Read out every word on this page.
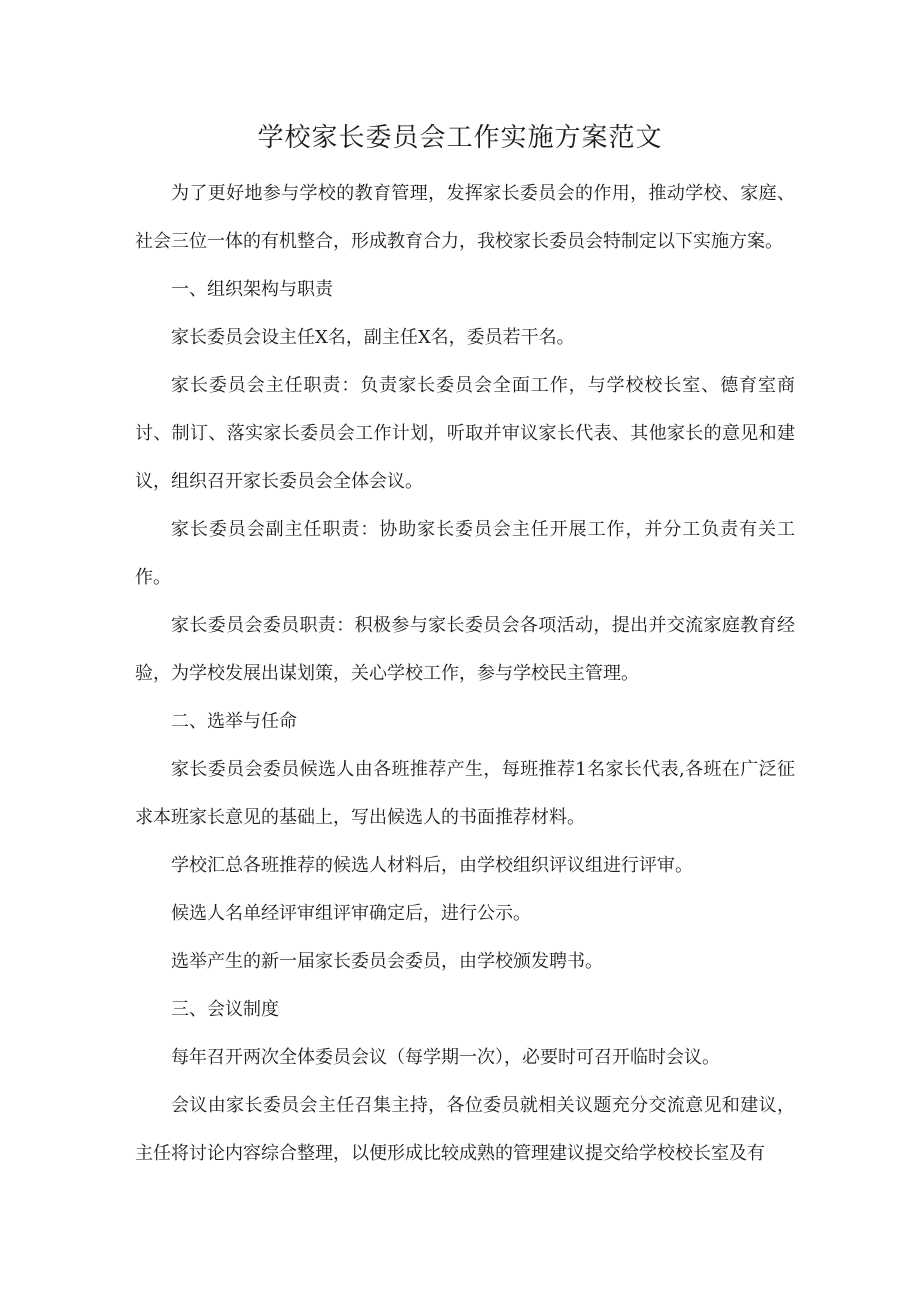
学校家长委员会工作实施方案范文

为了更好地参与学校的教育管理，发挥家长委员会的作用，推动学校、家庭、社会三位一体的有机整合，形成教育合力，我校家长委员会特制定以下实施方案。

一、组织架构与职责

家长委员会设主任X名，副主任X名，委员若干名。

家长委员会主任职责：负责家长委员会全面工作，与学校校长室、德育室商讨、制订、落实家长委员会工作计划，听取并审议家长代表、其他家长的意见和建议，组织召开家长委员会全体会议。

家长委员会副主任职责：协助家长委员会主任开展工作，并分工负责有关工作。

家长委员会委员职责：积极参与家长委员会各项活动，提出并交流家庭教育经验，为学校发展出谋划策，关心学校工作，参与学校民主管理。

二、选举与任命

家长委员会委员候选人由各班推荐产生，每班推荐1名家长代表,各班在广泛征求本班家长意见的基础上，写出候选人的书面推荐材料。

学校汇总各班推荐的候选人材料后，由学校组织评议组进行评审。

候选人名单经评审组评审确定后，进行公示。

选举产生的新一届家长委员会委员，由学校颁发聘书。

三、会议制度

每年召开两次全体委员会议（每学期一次），必要时可召开临时会议。

会议由家长委员会主任召集主持，各位委员就相关议题充分交流意见和建议，主任将讨论内容综合整理，以便形成比较成熟的管理建议提交给学校校长室及有
